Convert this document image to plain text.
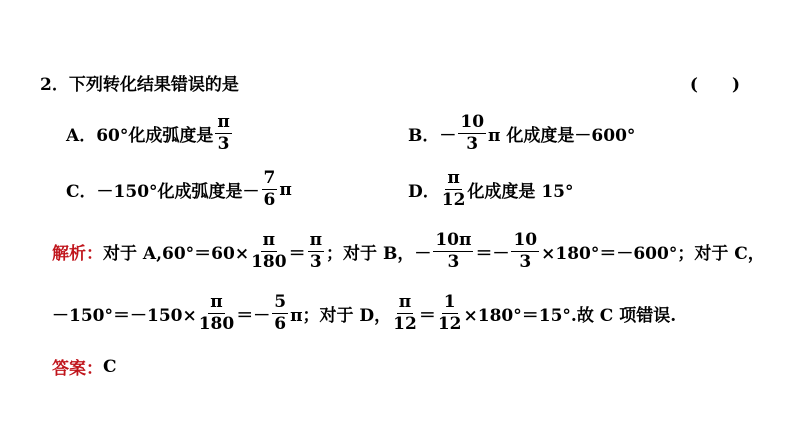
2． 下列转化结果错误的是	(　　)
A． 60°化成弧度是 $\frac{\pi}{3}$	B． － $\frac{10}{3}$ π 化成度是－600°
C． －150°化成弧度是－ $\frac{7}{6}$ π	D． $\frac{\pi}{12}$ 化成度是 15°
解析： 对于 $A,60^\circ=60\times \frac{\pi}{180} = \frac{\pi}{3}$ ；对于 B，－ $\frac{10\pi}{3} =- \frac{10}{3} \times 180^\circ=-600^\circ$；对于 C，
$-150^\circ=-150\times \frac{\pi}{180} =- \frac{5}{6}$ π；对于 D， $\frac{\pi}{12} = \frac{1}{12} \times 180^\circ=15^\circ$.故 C 项错误.
答案： C
